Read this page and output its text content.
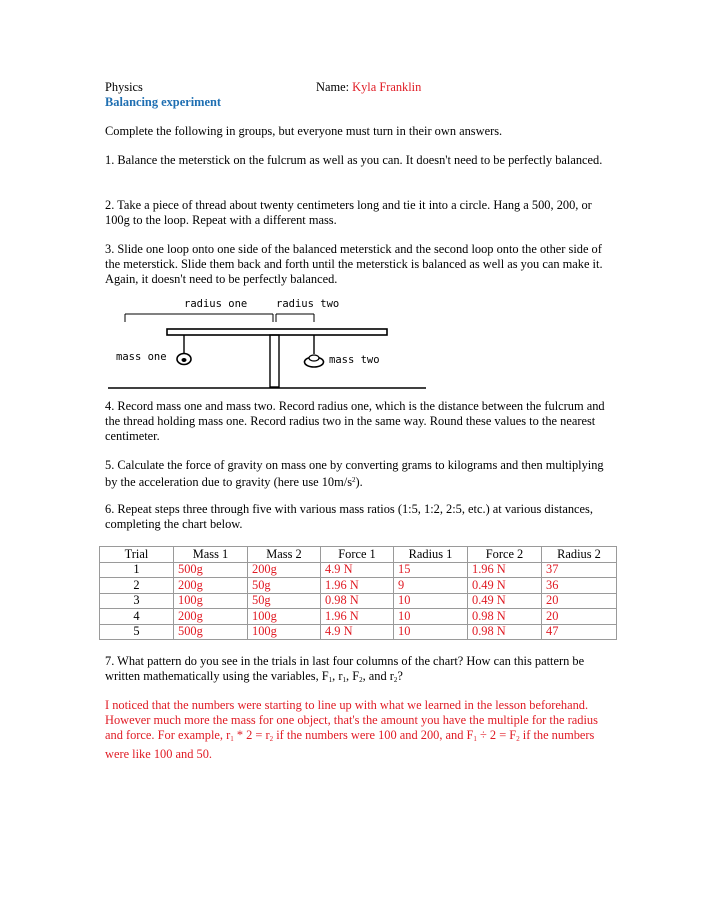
Physics	Name: Kyla Franklin
Balancing experiment
Complete the following in groups, but everyone must turn in their own answers.
1. Balance the meterstick on the fulcrum as well as you can. It doesn't need to be perfectly balanced.
2. Take a piece of thread about twenty centimeters long and tie it into a circle. Hang a 500, 200, or 100g to the loop. Repeat with a different mass.
3. Slide one loop onto one side of the balanced meterstick and the second loop onto the other side of the meterstick. Slide them back and forth until the meterstick is balanced as well as you can make it. Again, it doesn't need to be perfectly balanced.
radius one	radius two
mass one	mass two
4. Record mass one and mass two. Record radius one, which is the distance between the fulcrum and the thread holding mass one. Record radius two in the same way. Round these values to the nearest centimeter.
5. Calculate the force of gravity on mass one by converting grams to kilograms and then multiplying by the acceleration due to gravity (here use $10m/s^2$).
6. Repeat steps three through five with various mass ratios (1:5, 1:2, 2:5, etc.) at various distances, completing the chart below.
Trial	Mass 1	Mass 2	Force 1	Radius 1	Force 2	Radius 2
1	500g	200g	4.9 N	15	1.96 N	37
2	200g	50g	1.96 N	9	0.49 N	36
3	100g	50g	0.98 N	10	0.49 N	20
4	200g	100g	1.96 N	10	0.98 N	20
5	500g	100g	4.9 N	10	0.98 N	47
7. What pattern do you see in the trials in last four columns of the chart? How can this pattern be written mathematically using the variables, $F_1$, $r_1$, $F_2$, and $r_2$?
I noticed that the numbers were starting to line up with what we learned in the lesson beforehand. However much more the mass for one object, that's the amount you have the multiple for the radius and force. For example, $r_1 * 2 = r_2$ if the numbers were 100 and 200, and $F_1 \div 2 = F_2$ if the numbers were like 100 and 50.
